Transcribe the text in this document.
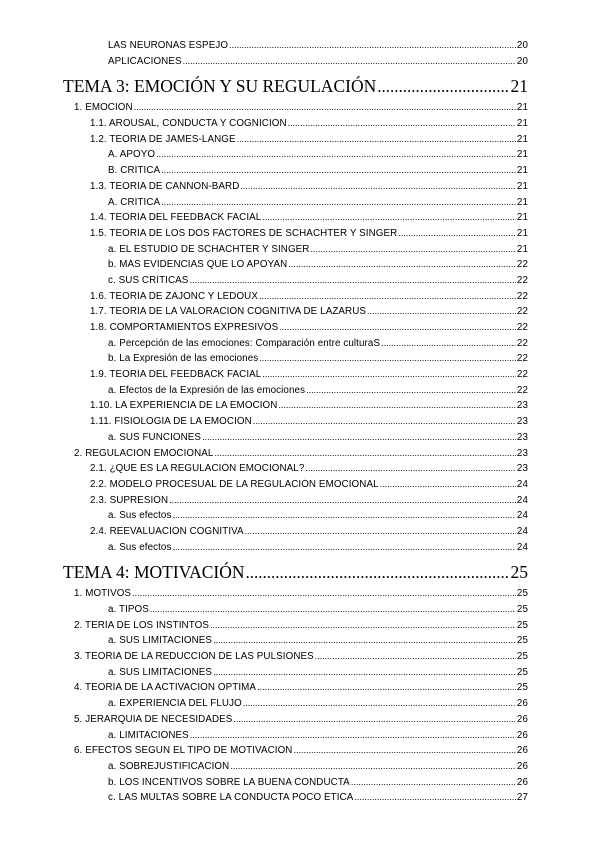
LAS NEURONAS ESPEJO .....	20
APLICACIONES .....	20
TEMA 3: EMOCIÓN Y SU REGULACIÓN .....	21
1. EMOCIÓN .....	21
1.1. AROUSAL, CONDUCTA Y COGNICIÓN .....	21
1.2. TEORÍA DE JAMES-LANGE .....	21
A. APOYO .....	21
B. CRÍTICA .....	21
1.3. TEORÍA DE CANNON-BARD .....	21
A. CRÍTICA .....	21
1.4. TEORÍA DEL FEEDBACK FACIAL .....	21
1.5. TEORÍA DE LOS DOS FACTORES DE SCHACHTER Y SINGER .....	21
a. EL ESTUDIO DE SCHACHTER Y SINGER .....	21
b. MÁS EVIDENCIAS QUE LO APOYAN .....	22
c. SUS CRÍTICAS .....	22
1.6. TEORÍA DE ZAJONC Y LEDOUX .....	22
1.7. TEORÍA DE LA VALORACIÓN COGNITIVA DE LAZARUS .....	22
1.8. COMPORTAMIENTOS EXPRESIVOS .....	22
a. Percepción de las emociones: Comparación entre culturaS .....	22
b. La Expresión de las emociones .....	22
1.9. TEORÍA DEL FEEDBACK FACIAL .....	22
a. Efectos de la Expresión de las emociones .....	22
1.10. LA EXPERIENCIA DE LA EMOCIÓN .....	23
1.11. FISIOLOGÍA DE LA EMOCIÓN .....	23
a. SUS FUNCIONES .....	23
2. REGULACIÓN EMOCIONAL .....	23
2.1. ¿QUÉ ES LA REGULACIÓN EMOCIONAL? .....	23
2.2. MODELO PROCESUAL DE LA REGULACIÓN EMOCIONAL .....	24
2.3. SUPRESIÓN .....	24
a. Sus efectos .....	24
2.4. REEVALUACIÓN COGNITIVA .....	24
a. Sus efectos .....	24
TEMA 4: MOTIVACIÓN .....	25
1. MOTIVOS .....	25
a. TIPOS .....	25
2. TERÍA DE LOS INSTINTOS .....	25
a. SUS LIMITACIONES .....	25
3. TEORÍA DE LA REDUCCIÓN DE LAS PULSIONES .....	25
a. SUS LIMITACIONES .....	25
4. TEORÍA DE LA ACTIVACIÓN ÓPTIMA .....	25
a. EXPERIENCIA DEL FLUJO .....	26
5. JERARQUÍA DE NECESIDADES .....	26
a. LIMITACIONES .....	26
6. EFECTOS SEGÚN EL TIPO DE MOTIVACIÓN .....	26
a. SOBREJUSTIFICACIÓN .....	26
b. LOS INCENTIVOS SOBRE LA BUENA CONDUCTA .....	26
c. LAS MULTAS SOBRE LA CONDUCTA POCO ÉTICA .....	27
